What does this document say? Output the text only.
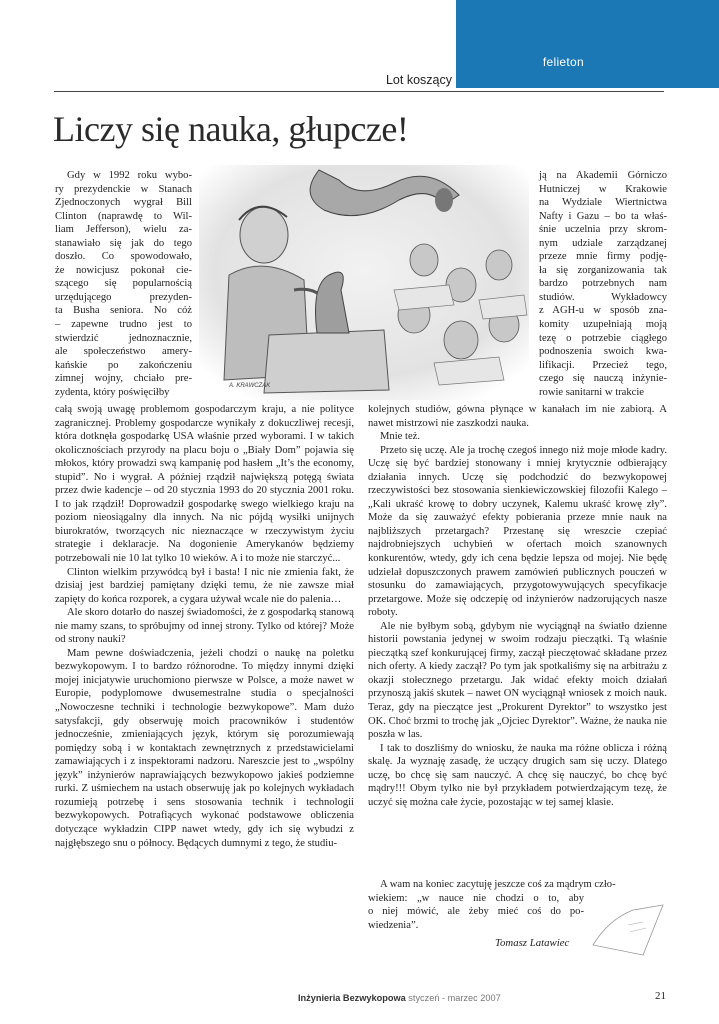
felieton
Lot koszący
Liczy się nauka, głupcze!
A. KRAWCZAK
Gdy w 1992 roku wybo-
ry prezydenckie w Stanach
Zjednoczonych wygrał Bill
Clinton (naprawdę to Wil-
liam Jefferson), wielu za-
stanawiało się jak do tego
doszło. Co spowodowało,
że nowicjusz pokonał cie-
szącego się popularnością
urzędującego prezyden-
ta Busha seniora. No cóż
– zapewne trudno jest to
stwierdzić jednoznacznie,
ale społeczeństwo amery-
kańskie po zakończeniu
zimnej wojny, chciało pre-
zydenta, który poświęciłby
ją na Akademii Górniczo
Hutniczej w Krakowie
na Wydziale Wiertnictwa
Nafty i Gazu – bo ta właś-
śnie uczelnia przy skrom-
nym udziale zarządzanej
przeze mnie firmy podję-
ła się zorganizowania tak
bardzo potrzebnych nam
studiów. Wykładowcy
z AGH-u w sposób zna-
komity uzupełniają moją
tezę o potrzebie ciągłego
podnoszenia swoich kwa-
lifikacji. Przecież tego,
czego się nauczą inżynie-
rowie sanitarni w trakcie

całą swoją uwagę problemom gospodarczym kraju, a nie polityce zagranicznej. Problemy gospodarcze wynikały z dokuczliwej recesji, która dotknęła gospodarkę USA właśnie przed wyborami. I w takich okolicznościach przyrody na placu boju o „Biały Dom” pojawia się młokos, który prowadzi swą kampanię pod hasłem „It’s the economy, stupid”. No i wygrał. A później rządził największą potęgą świata przez dwie kadencje – od 20 stycznia 1993 do 20 stycznia 2001 roku. I to jak rządził! Doprowadził gospodarkę swego wielkiego kraju na poziom nieosiągalny dla innych. Na nic pójdą wysiłki unijnych biurokratów, tworzących nic nieznaczące w rzeczywistym życiu strategie i deklaracje. Na dogonienie Amerykanów będziemy potrzebowali nie 10 lat tylko 10 wieków. A i to może nie starczyć...

Clinton wielkim przywódcą był i basta! I nic nie zmienia fakt, że dzisiaj jest bardziej pamiętany dzięki temu, że nie zawsze miał zapięty do końca rozporek, a cygara używał wcale nie do palenia…

Ale skoro dotarło do naszej świadomości, że z gospodarką stanową nie mamy szans, to spróbujmy od innej strony. Tylko od której? Może od strony nauki?

Mam pewne doświadczenia, jeżeli chodzi o naukę na poletku bezwykopowym. I to bardzo różnorodne. To między innymi dzięki mojej inicjatywie uruchomiono pierwsze w Polsce, a może nawet w Europie, podyplomowe dwusemestralne studia o specjalności „Nowoczesne techniki i technologie bezwykopowe”. Mam dużo satysfakcji, gdy obserwuję moich pracowników i studentów jednocześnie, zmieniających język, którym się porozumiewają pomiędzy sobą i w kontaktach zewnętrznych z przedstawicielami zamawiających i z inspektorami nadzoru. Nareszcie jest to „wspólny język” inżynierów naprawiających bezwykopowo jakieś podziemne rurki. Z uśmiechem na ustach obserwuję jak po kolejnych wykładach rozumieją potrzebę i sens stosowania technik i technologii bezwykopowych. Potrafiących wykonać podstawowe obliczenia dotyczące wykładzin CIPP nawet wtedy, gdy ich się wybudzi z najgłębszego snu o północy. Będących dumnymi z tego, że studiu-

kolejnych studiów, gówna płynące w kanałach im nie zabiorą. A nawet mistrzowi nie zaszkodzi nauka.

Mnie też.

Przeto się uczę. Ale ja trochę czegoś innego niż moje młode kadry. Uczę się być bardziej stonowany i mniej krytycznie odbierający działania innych. Uczę się podchodzić do bezwykopowej rzeczywistości bez stosowania sienkiewiczowskiej filozofii Kalego – „Kali ukraść krowę to dobry uczynek, Kalemu ukraść krowę zły”. Może da się zauważyć efekty pobierania przeze mnie nauk na najbliższych przetargach? Przestanę się wreszcie czepiać najdrobniejszych uchybień w ofertach moich szanownych konkurentów, wtedy, gdy ich cena będzie lepsza od mojej. Nie będę udzielał dopuszczonych prawem zamówień publicznych pouczeń w stosunku do zamawiających, przygotowywujących specyfikacje przetargowe. Może się odczepię od inżynierów nadzorujących nasze roboty.

Ale nie byłbym sobą, gdybym nie wyciągnął na światło dzienne historii powstania jedynej w swoim rodzaju pieczątki. Tą właśnie pieczątką szef konkurującej firmy, zaczął pieczętować składane przez nich oferty. A kiedy zaczął? Po tym jak spotkaliśmy się na arbitrażu z okazji stołecznego przetargu. Jak widać efekty moich działań przynoszą jakiś skutek – nawet ON wyciągnął wniosek z moich nauk. Teraz, gdy na pieczątce jest „Prokurent Dyrektor” to wszystko jest OK. Choć brzmi to trochę jak „Ojciec Dyrektor”. Ważne, że nauka nie poszła w las.

I tak to doszliśmy do wniosku, że nauka ma różne oblicza i różną skalę. Ja wyznaję zasadę, że uczący drugich sam się uczy. Dlatego uczę, bo chcę się sam nauczyć. A chcę się nauczyć, bo chcę być mądry!!! Obym tylko nie był przykładem potwierdzającym tezę, że uczyć się można całe życie, pozostając w tej samej klasie.

A wam na koniec zacytuję jeszcze coś za mądrym czło-
wiekiem: „w nauce nie chodzi o to, aby
o niej mówić, ale żeby mieć coś do po-
wiedzenia”.
Tomasz Latawiec
Inżynieria Bezwykopowa styczeń - marzec 2007	21
